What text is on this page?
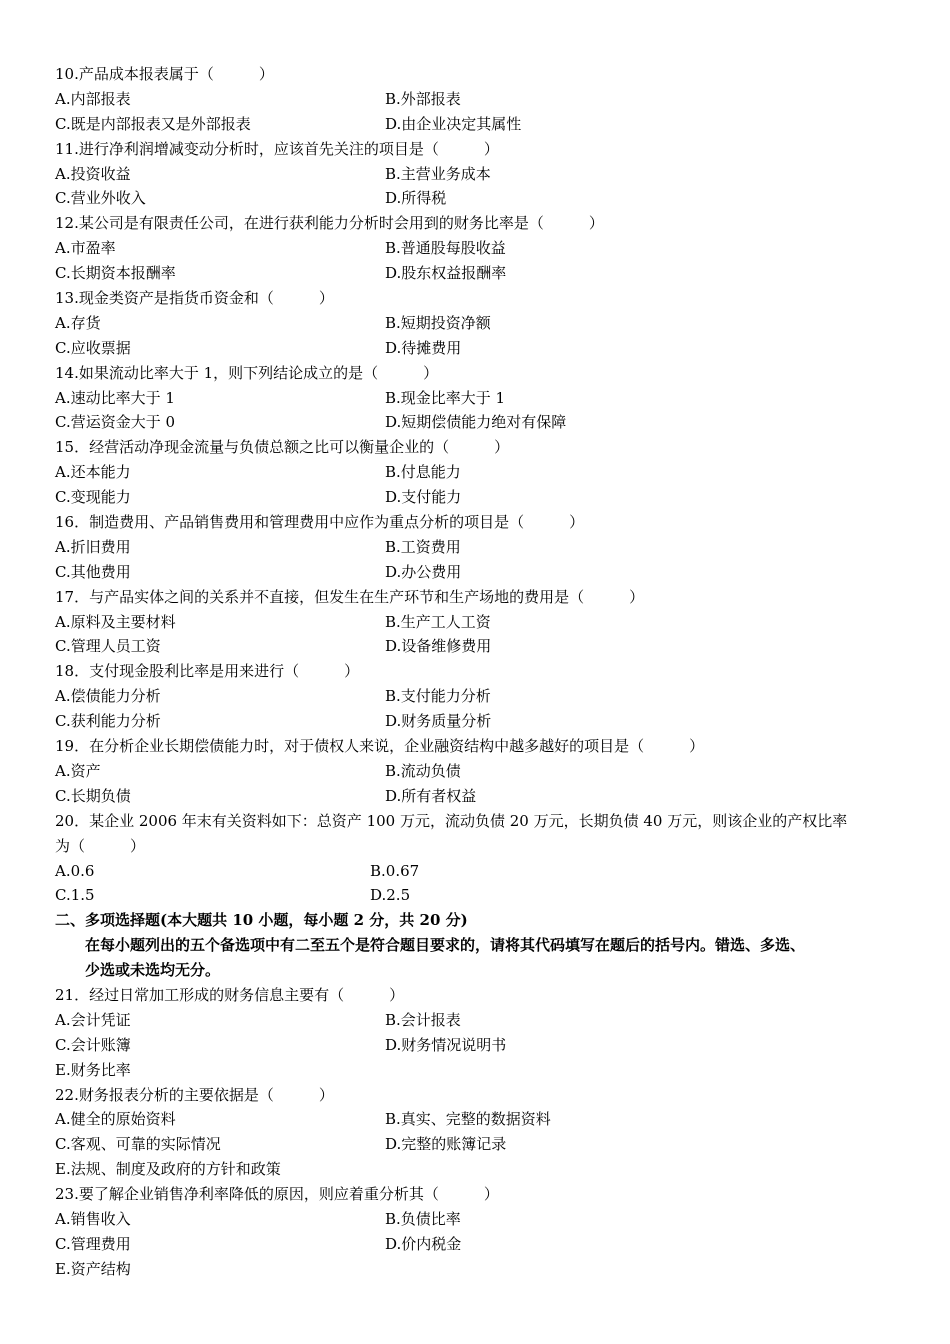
10.产品成本报表属于（　　　）
A.内部报表	B.外部报表
C.既是内部报表又是外部报表	D.由企业决定其属性
11.进行净利润增减变动分析时，应该首先关注的项目是（　　　）
A.投资收益	B.主营业务成本
C.营业外收入	D.所得税
12.某公司是有限责任公司，在进行获利能力分析时会用到的财务比率是（　　　）
A.市盈率	B.普通股每股收益
C.长期资本报酬率	D.股东权益报酬率
13.现金类资产是指货币资金和（　　　）
A.存货	B.短期投资净额
C.应收票据	D.待摊费用
14.如果流动比率大于 1，则下列结论成立的是（　　　）
A.速动比率大于 1	B.现金比率大于 1
C.营运资金大于 0	D.短期偿债能力绝对有保障
15．经营活动净现金流量与负债总额之比可以衡量企业的（　　　）
A.还本能力	B.付息能力
C.变现能力	D.支付能力
16．制造费用、产品销售费用和管理费用中应作为重点分析的项目是（　　　）
A.折旧费用	B.工资费用
C.其他费用	D.办公费用
17．与产品实体之间的关系并不直接，但发生在生产环节和生产场地的费用是（　　　）
A.原料及主要材料	B.生产工人工资
C.管理人员工资	D.设备维修费用
18．支付现金股利比率是用来进行（　　　）
A.偿债能力分析	B.支付能力分析
C.获利能力分析	D.财务质量分析
19．在分析企业长期偿债能力时，对于债权人来说，企业融资结构中越多越好的项目是（　　　）
A.资产	B.流动负债
C.长期负债	D.所有者权益
20．某企业 2006 年末有关资料如下：总资产 100 万元，流动负债 20 万元，长期负债 40 万元，则该企业的产权比率
为（　　　）
A.0.6	B.0.67
C.1.5	D.2.5
二、多项选择题(本大题共 10 小题，每小题 2 分，共 20 分)
在每小题列出的五个备选项中有二至五个是符合题目要求的，请将其代码填写在题后的括号内。错选、多选、
少选或未选均无分。
21．经过日常加工形成的财务信息主要有（　　　）
A.会计凭证	B.会计报表
C.会计账簿	D.财务情况说明书
E.财务比率
22.财务报表分析的主要依据是（　　　）
A.健全的原始资料	B.真实、完整的数据资料
C.客观、可靠的实际情况	D.完整的账簿记录
E.法规、制度及政府的方针和政策
23.要了解企业销售净利率降低的原因，则应着重分析其（　　　）
A.销售收入	B.负债比率
C.管理费用	D.价内税金
E.资产结构
